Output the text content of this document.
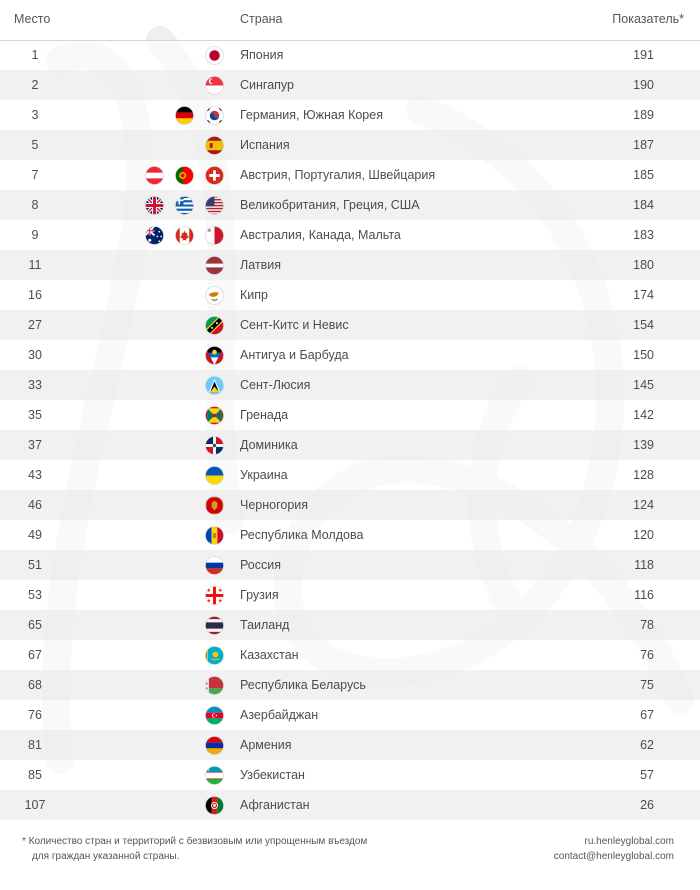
Место	Страна	Показатель*
1	Япония	191
2	Сингапур	190
3	Германия, Южная Корея	189
5	Испания	187
7	Австрия, Португалия, Швейцария	185
8	Великобритания, Греция, США	184
9	Австралия, Канада, Мальта	183
11	Латвия	180
16	Кипр	174
27	Сент-Китс и Невис	154
30	Антигуа и Барбуда	150
33	Сент-Люсия	145
35	Гренада	142
37	Доминика	139
43	Украина	128
46	Черногория	124
49	Республика Молдова	120
51	Россия	118
53	Грузия	116
65	Таиланд	78
67	Казахстан	76
68	Республика Беларусь	75
76	Азербайджан	67
81	Армения	62
85	Узбекистан	57
107	Афганистан	26
* Количество стран и территорий с безвизовым или упрощенным въездом
для граждан указанной страны.
ru.henleyglobal.com
contact@henleyglobal.com
